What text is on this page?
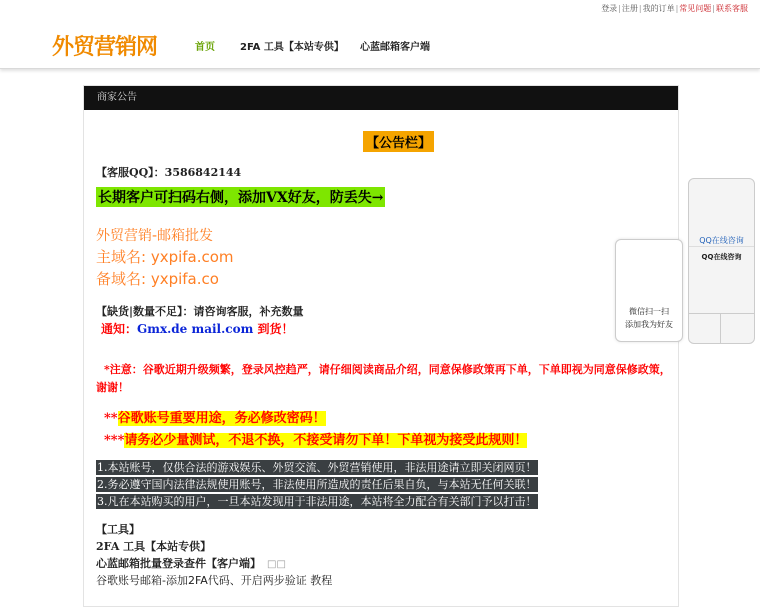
登录|注册|我的订单|常见问题|联系客服
外贸营销网	首页	2FA 工具【本站专供】 心蓝邮箱客户端
商家公告
【公告栏】
【客服QQ】：3586842144
长期客户可扫码右侧，添加VX好友，防丢失→
外贸营销-邮箱批发
主域名: yxpifa.com
备域名: yxpifa.co
【缺货|数量不足】：请咨询客服，补充数量
通知：Gmx.de mail.com 到货！
*注意：谷歌近期升级频繁，登录风控趋严，请仔细阅读商品介绍，同意保修政策再下单，下单即视为同意保修政策，谢谢！
**谷歌账号重要用途，务必修改密码！
***请务必少量测试，不退不换，不接受请勿下单！下单视为接受此规则！
1.本站账号，仅供合法的游戏娱乐、外贸交流、外贸营销使用，非法用途请立即关闭网页！
2.务必遵守国内法律法规使用账号，非法使用所造成的责任后果自负，与本站无任何关联！
3.凡在本站购买的用户，一旦本站发现用于非法用途，本站将全力配合有关部门予以打击！
【工具】
2FA 工具【本站专供】
心蓝邮箱批量登录查件【客户端】 □□
谷歌账号邮箱-添加2FA代码、开启两步验证 教程
QQ在线咨询
QQ在线咨询
微信扫一扫
添加我为好友
